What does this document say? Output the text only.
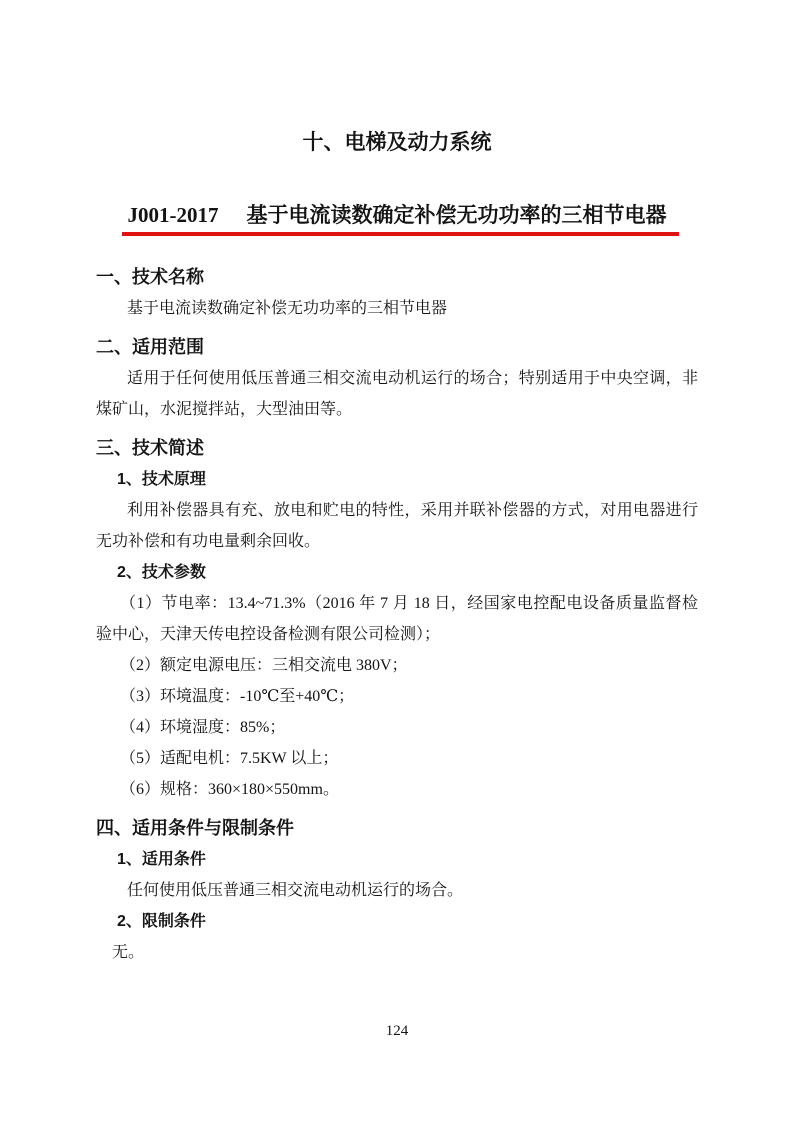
十、电梯及动力系统
J001-2017 基于电流读数确定补偿无功功率的三相节电器
一、技术名称
基于电流读数确定补偿无功功率的三相节电器
二、适用范围
适用于任何使用低压普通三相交流电动机运行的场合；特别适用于中央空调，非
煤矿山，水泥搅拌站，大型油田等。
三、技术简述
1、技术原理
利用补偿器具有充、放电和贮电的特性，采用并联补偿器的方式，对用电器进行
无功补偿和有功电量剩余回收。
2、技术参数
（1）节电率：13.4~71.3%（2016 年 7 月 18 日，经国家电控配电设备质量监督检
验中心，天津天传电控设备检测有限公司检测）；
（2）额定电源电压：三相交流电 380V；
（3）环境温度：-10℃至+40℃；
（4）环境湿度：85%；
（5）适配电机：7.5KW 以上；
（6）规格：360×180×550mm。
四、适用条件与限制条件
1、适用条件
任何使用低压普通三相交流电动机运行的场合。
2、限制条件
无。
124
